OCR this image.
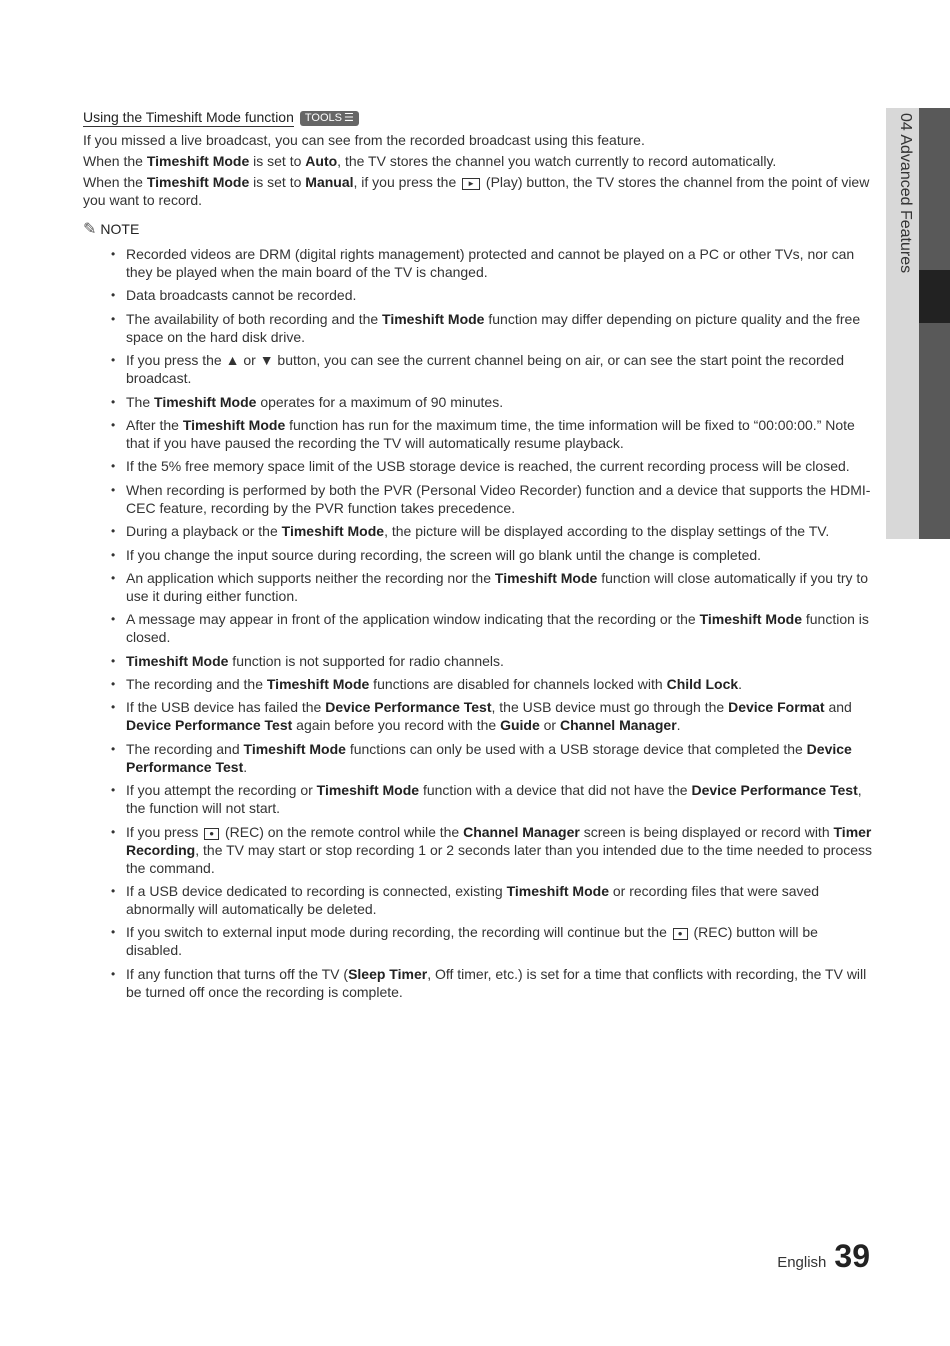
04 Advanced Features
Using the Timeshift Mode function TOOLS ☰

If you missed a live broadcast, you can see from the recorded broadcast using this feature.

When the Timeshift Mode is set to Auto, the TV stores the channel you watch currently to record automatically.

When the Timeshift Mode is set to Manual, if you press the ► (Play) button, the TV stores the channel from the point of view you want to record.

✎ NOTE
• Recorded videos are DRM (digital rights management) protected and cannot be played on a PC or other TVs, nor can they be played when the main board of the TV is changed.
• Data broadcasts cannot be recorded.
• The availability of both recording and the Timeshift Mode function may differ depending on picture quality and the free space on the hard disk drive.
• If you press the ▲ or ▼ button, you can see the current channel being on air, or can see the start point the recorded broadcast.
• The Timeshift Mode operates for a maximum of 90 minutes.
• After the Timeshift Mode function has run for the maximum time, the time information will be fixed to “00:00:00.” Note that if you have paused the recording the TV will automatically resume playback.
• If the 5% free memory space limit of the USB storage device is reached, the current recording process will be closed.
• When recording is performed by both the PVR (Personal Video Recorder) function and a device that supports the HDMI-CEC feature, recording by the PVR function takes precedence.
• During a playback or the Timeshift Mode, the picture will be displayed according to the display settings of the TV.
• If you change the input source during recording, the screen will go blank until the change is completed.
• An application which supports neither the recording nor the Timeshift Mode function will close automatically if you try to use it during either function.
• A message may appear in front of the application window indicating that the recording or the Timeshift Mode function is closed.
• Timeshift Mode function is not supported for radio channels.
• The recording and the Timeshift Mode functions are disabled for channels locked with Child Lock.
• If the USB device has failed the Device Performance Test, the USB device must go through the Device Format and Device Performance Test again before you record with the Guide or Channel Manager.
• The recording and Timeshift Mode functions can only be used with a USB storage device that completed the Device Performance Test.
• If you attempt the recording or Timeshift Mode function with a device that did not have the Device Performance Test, the function will not start.
• If you press ● (REC) on the remote control while the Channel Manager screen is being displayed or record with Timer Recording, the TV may start or stop recording 1 or 2 seconds later than you intended due to the time needed to process the command.
• If a USB device dedicated to recording is connected, existing Timeshift Mode or recording files that were saved abnormally will automatically be deleted.
• If you switch to external input mode during recording, the recording will continue but the ● (REC) button will be disabled.
• If any function that turns off the TV (Sleep Timer, Off timer, etc.) is set for a time that conflicts with recording, the TV will be turned off once the recording is complete.
English 39
